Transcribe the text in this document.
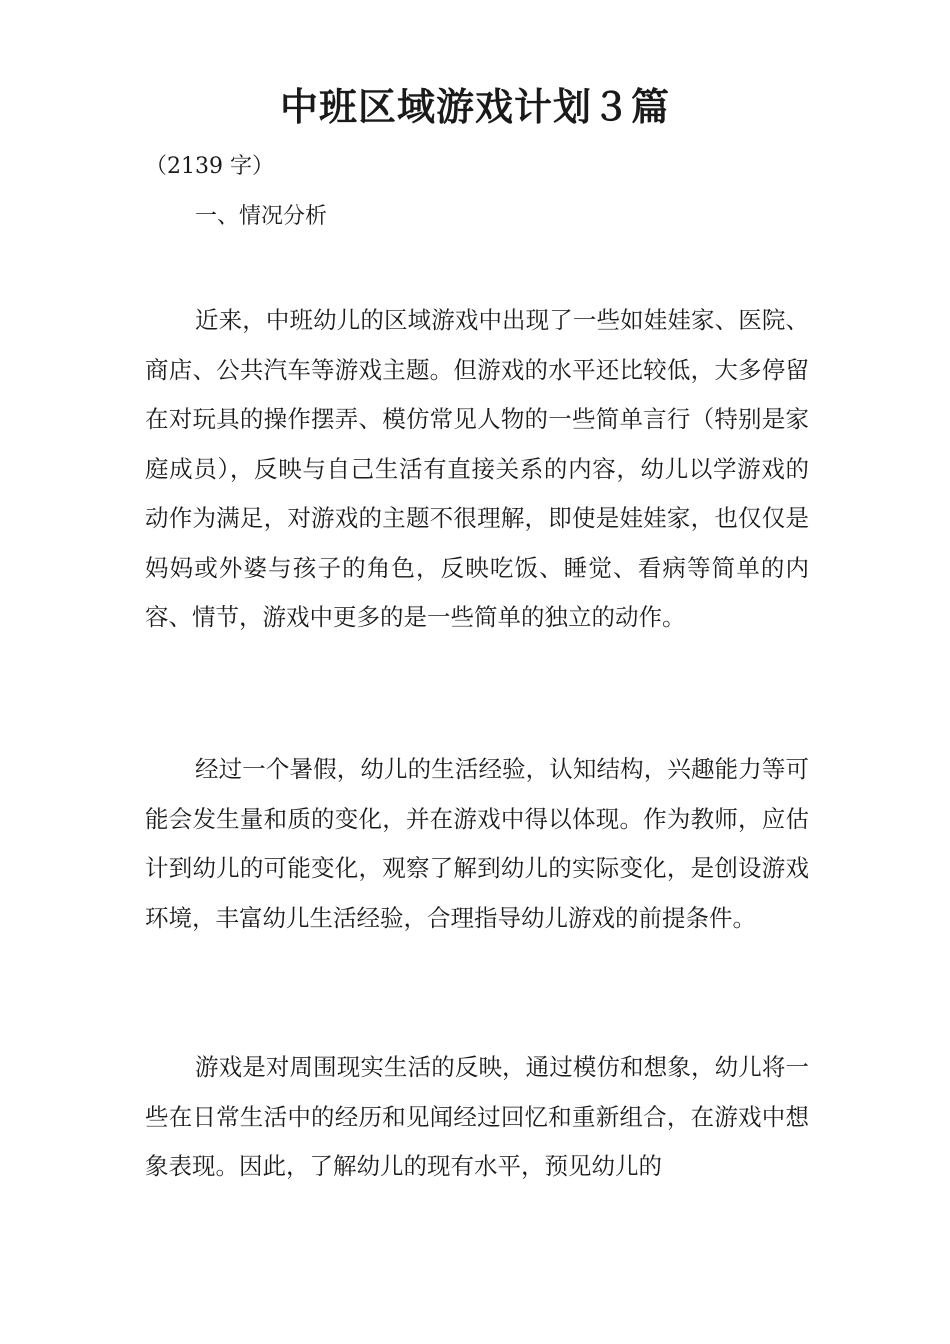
中班区域游戏计划３篇

（2139 字）

一、情况分析

近来，中班幼儿的区域游戏中出现了一些如娃娃家、医院、商店、公共汽车等游戏主题。但游戏的水平还比较低，大多停留在对玩具的操作摆弄、模仿常见人物的一些简单言行（特别是家庭成员），反映与自己生活有直接关系的内容，幼儿以学游戏的动作为满足，对游戏的主题不很理解，即使是娃娃家，也仅仅是妈妈或外婆与孩子的角色，反映吃饭、睡觉、看病等简单的内容、情节，游戏中更多的是一些简单的独立的动作。

经过一个暑假，幼儿的生活经验，认知结构，兴趣能力等可能会发生量和质的变化，并在游戏中得以体现。作为教师，应估计到幼儿的可能变化，观察了解到幼儿的实际变化，是创设游戏环境，丰富幼儿生活经验，合理指导幼儿游戏的前提条件。

游戏是对周围现实生活的反映，通过模仿和想象，幼儿将一些在日常生活中的经历和见闻经过回忆和重新组合，在游戏中想象表现。因此，了解幼儿的现有水平，预见幼儿的
